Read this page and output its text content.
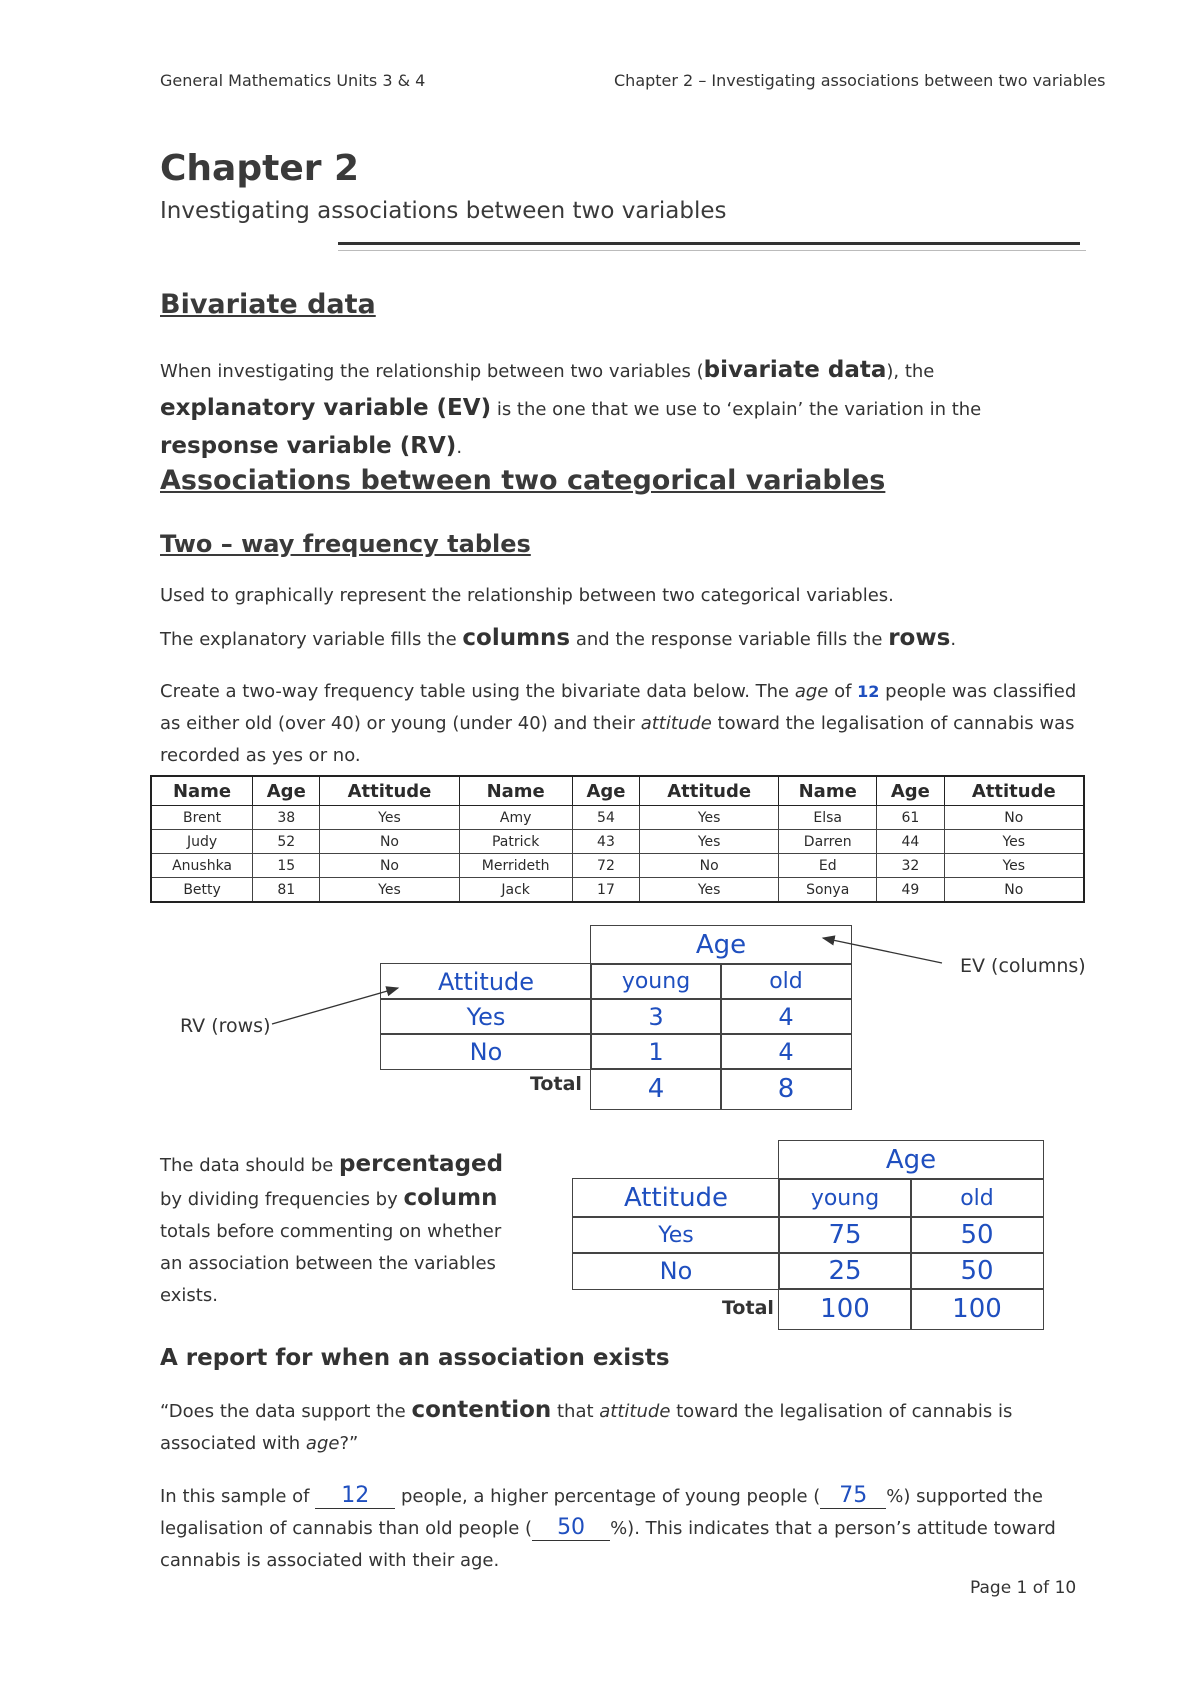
General Mathematics Units 3 & 4	Chapter 2 – Investigating associations between two variables
Chapter 2
Investigating associations between two variables
Bivariate data
When investigating the relationship between two variables (bivariate data), the explanatory variable (EV) is the one that we use to ‘explain’ the variation in the response variable (RV).
Associations between two categorical variables
Two – way frequency tables
Used to graphically represent the relationship between two categorical variables.
The explanatory variable fills the columns and the response variable fills the rows.
Create a two-way frequency table using the bivariate data below. The age of 12 people was classified as either old (over 40) or young (under 40) and their attitude toward the legalisation of cannabis was recorded as yes or no.
Name	Age	Attitude	Name	Age	Attitude	Name	Age	Attitude
Brent	38	Yes	Amy	54	Yes	Elsa	61	No
Judy	52	No	Patrick	43	Yes	Darren	44	Yes
Anushka	15	No	Merrideth	72	No	Ed	32	Yes
Betty	81	Yes	Jack	17	Yes	Sonya	49	No
Age
Attitude	young	old
Yes	3	4
No	1	4
Total	4	8
EV (columns)
RV (rows)
The data should be percentaged
by dividing frequencies by column
totals before commenting on whether
an association between the variables
exists.
Age
Attitude	young	old
Yes	75	50
No	25	50
Total	100	100
A report for when an association exists
“Does the data support the contention that attitude toward the legalisation of cannabis is associated with age?”
In this sample of 12 people, a higher percentage of young people ( 75 %) supported the legalisation of cannabis than old people ( 50 %). This indicates that a person’s attitude toward cannabis is associated with their age.
Page 1 of 10
